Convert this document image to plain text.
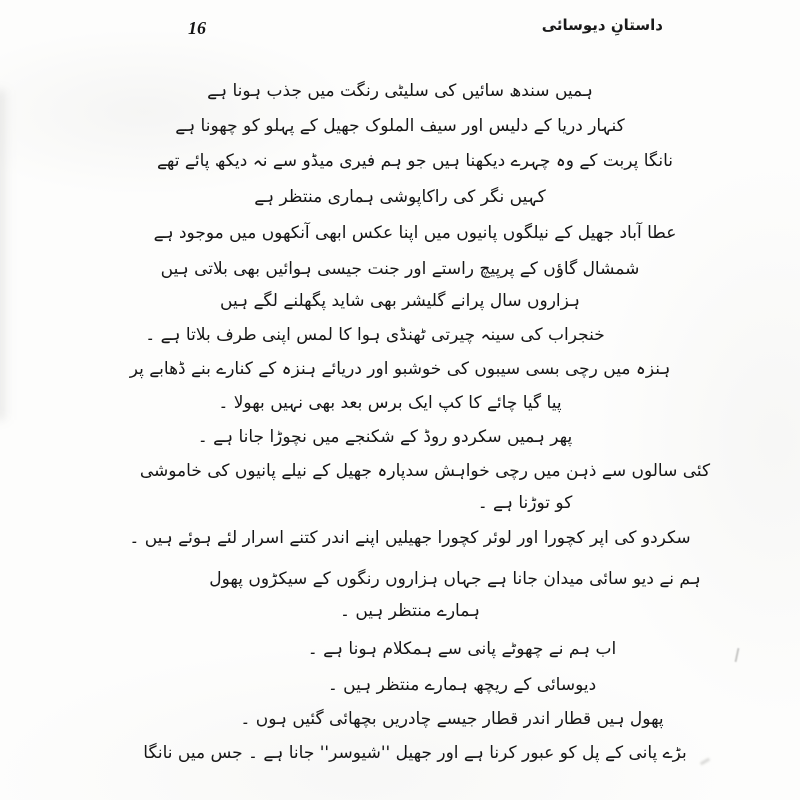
16	داستانِ دیوسائی
ہمیں سندھ سائیں کی سلیٹی رنگت میں جذب ہونا ہے
کنہار دریا کے دلیس اور سیف الملوک جھیل کے پہلو کو چھونا ہے
نانگا پربت کے وہ چہرے دیکھنا ہیں جو ہم فیری میڈو سے نہ دیکھ پائے تھے
کہیں نگر کی راکاپوشی ہماری منتظر ہے
عطا آباد جھیل کے نیلگوں پانیوں میں اپنا عکس ابھی آنکھوں میں موجود ہے
شمشال گاؤں کے پرپیچ راستے اور جنت جیسی ہوائیں بھی بلاتی ہیں
ہزاروں سال پرانے گلیشر بھی شاید پگھلنے لگے ہیں
خنجراب کی سینہ چیرتی ٹھنڈی ہوا کا لمس اپنی طرف بلاتا ہے ۔
ہنزہ میں رچی بسی سیبوں کی خوشبو اور دریائے ہنزہ کے کنارے بنے ڈھابے پر
پیا گیا چائے کا کپ ایک برس بعد بھی نہیں بھولا ۔
پھر ہمیں سکردو روڈ کے شکنجے میں نچوڑا جانا ہے ۔
کئی سالوں سے ذہن میں رچی خواہش سدپارہ جھیل کے نیلے پانیوں کی خاموشی
کو توڑنا ہے ۔
سکردو کی اپر کچورا اور لوئر کچورا جھیلیں اپنے اندر کتنے اسرار لئے ہوئے ہیں ۔
ہم نے دیو سائی میدان جانا ہے جہاں ہزاروں رنگوں کے سیکڑوں پھول
ہمارے منتظر ہیں ۔
اب ہم نے چھوٹے پانی سے ہمکلام ہونا ہے ۔
دیوسائی کے ریچھ ہمارے منتظر ہیں ۔
پھول ہیں قطار اندر قطار جیسے چادریں بچھائی گئیں ہوں ۔
بڑے پانی کے پل کو عبور کرنا ہے اور جھیل ''شیوسر'' جانا ہے ۔ جس میں نانگا
